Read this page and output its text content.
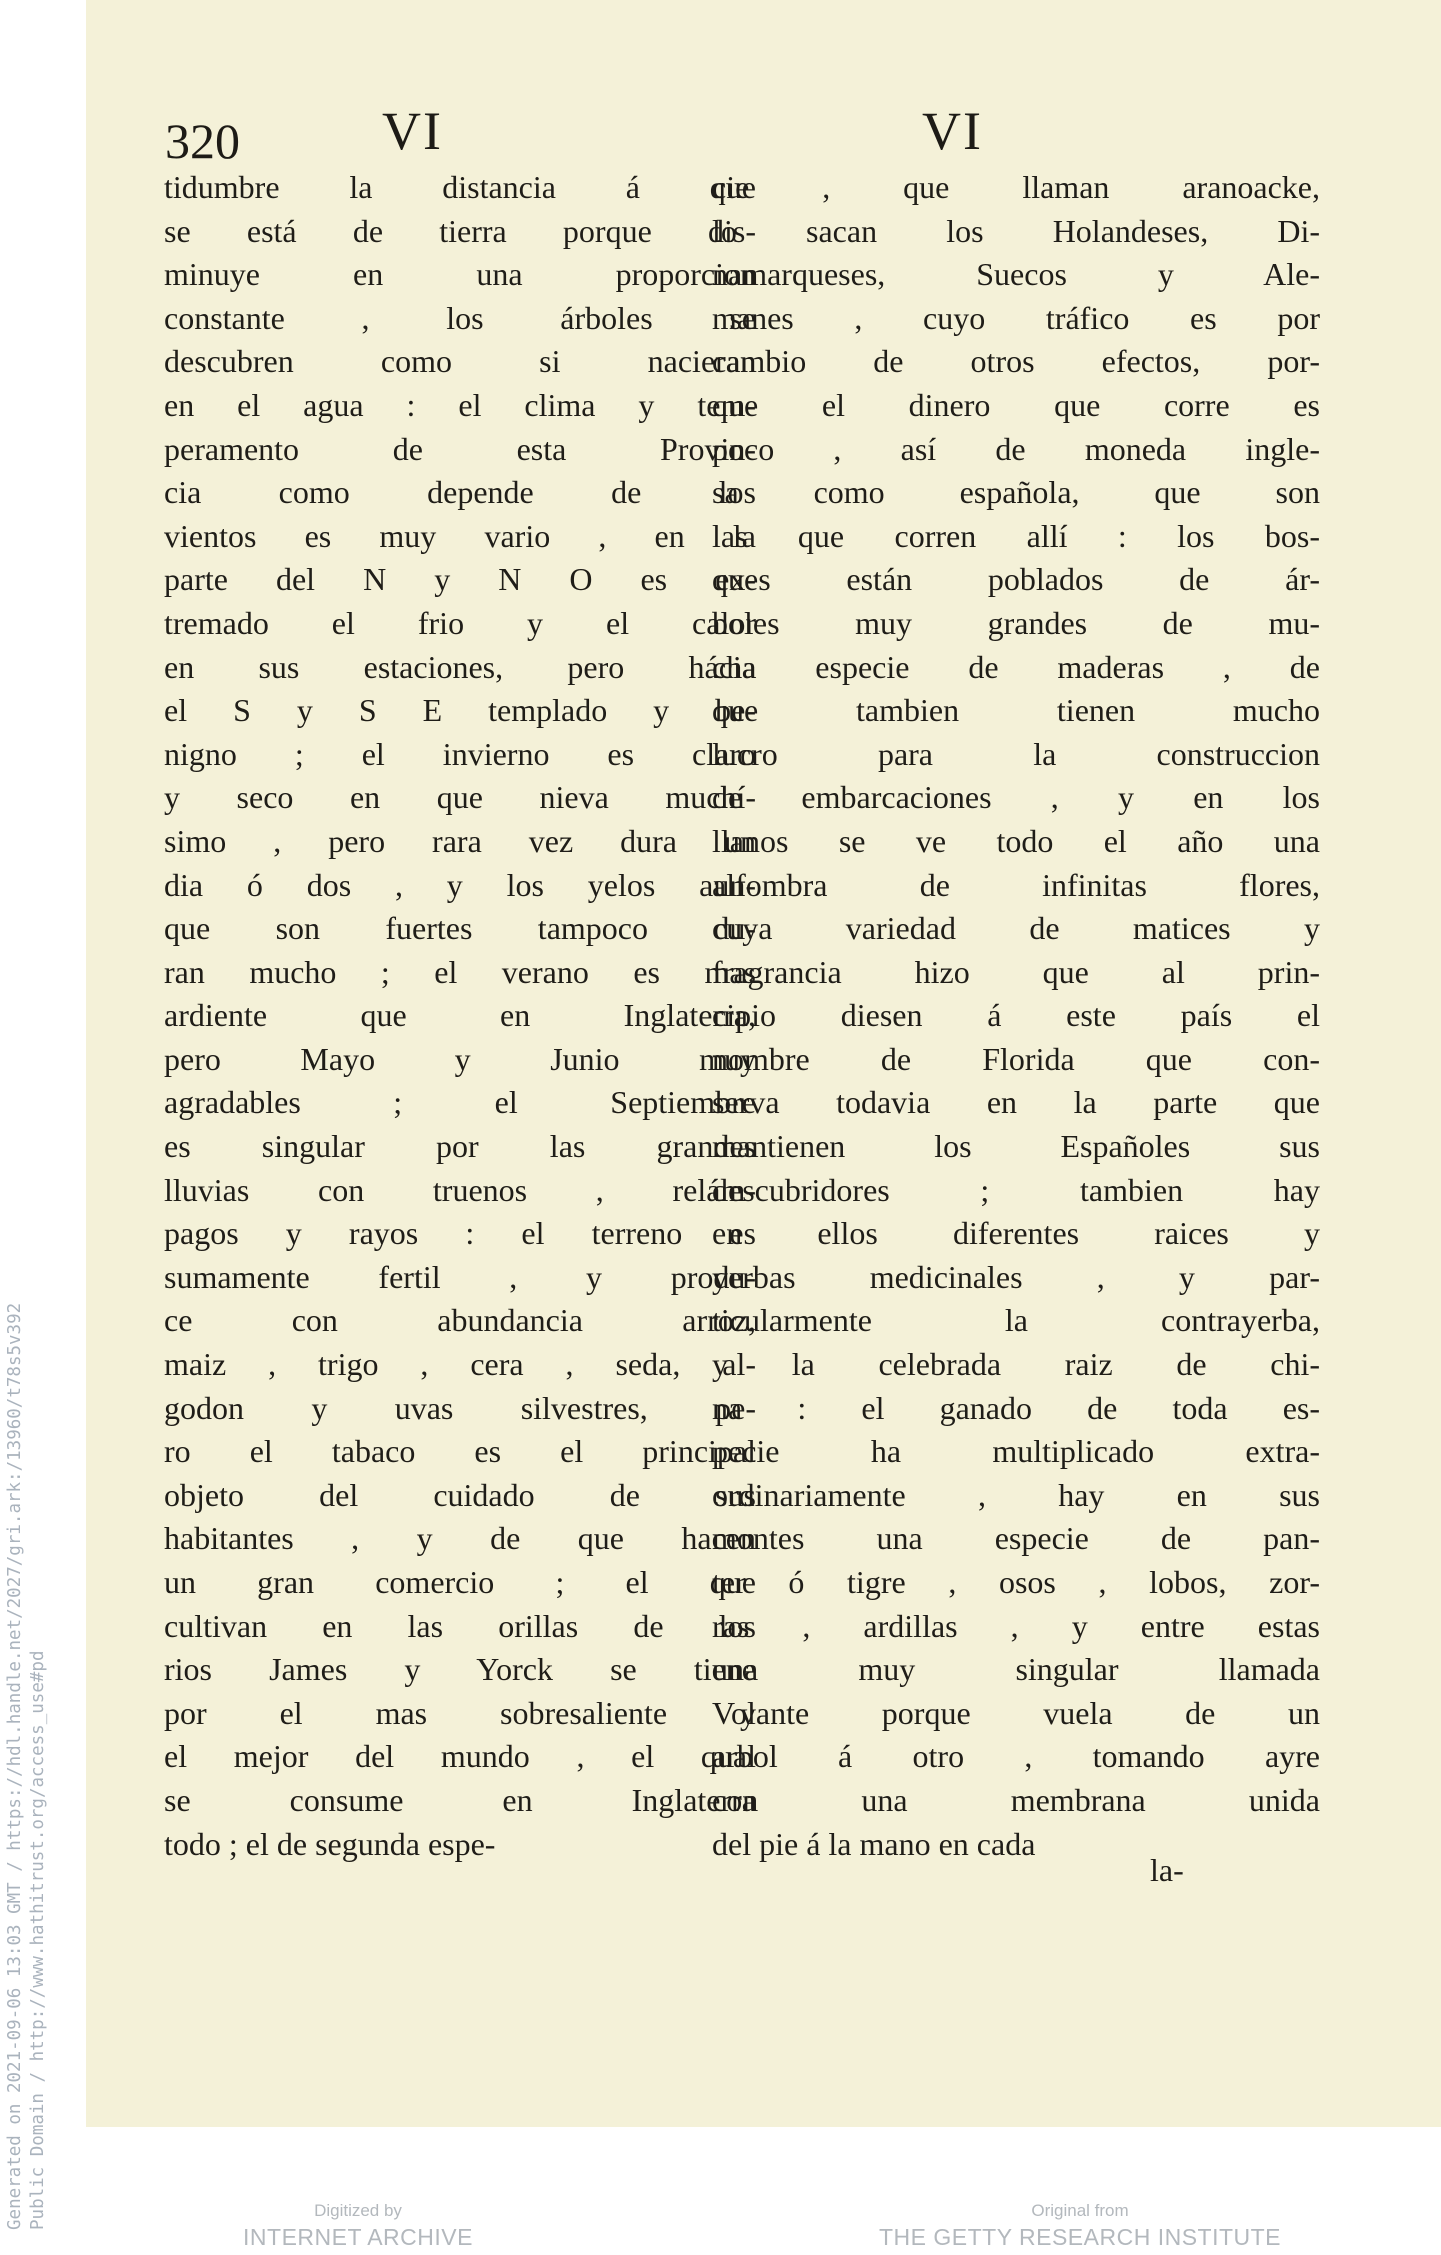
Generated on 2021-09-06 13:03 GMT / https://hdl.handle.net/2027/gri.ark:/13960/t78s5v392 Public Domain / http://www.hathitrust.org/access_use#pd
320	VI	VI
tidumbre la distancia á que
se está de tierra porque dis-
minuye en una proporcion
constante , los árboles se
descubren como si nacieran
en el agua : el clima y tem-
peramento de esta Provin-
cia como depende de los
vientos es muy vario , en la
parte del N y N O es ex-
tremado el frio y el calor
en sus estaciones, pero hácia
el S y S E templado y be-
nigno ; el invierno es claro
y seco en que nieva muchí-
simo , pero rara vez dura un
dia ó dos , y los yelos aun-
que son fuertes tampoco du-
ran mucho ; el verano es mas
ardiente que en Inglaterra,
pero Mayo y Junio muy
agradables ; el Septiembre
es singular por las grandes
lluvias con truenos , relám-
pagos y rayos : el terreno es
sumamente fertil , y produ-
ce con abundancia arroz,
maiz , trigo , cera , seda, al-
godon y uvas silvestres, pe-
ro el tabaco es el principal
objeto del cuidado de sus
habitantes , y de que hacen
un gran comercio ; el que
cultivan en las orillas de los
rios James y Yorck se tiene
por el mas sobresaliente y
el mejor del mundo , el qual
se consume en Inglaterra
todo ; el de segunda espe-
cie , que llaman aranoacke,
lo sacan los Holandeses, Di-
namarqueses, Suecos y Ale-
manes , cuyo tráfico es por
cambio de otros efectos, por-
que el dinero que corre es
poco , así de moneda ingle-
sa como española, que son
las que corren allí : los bos-
ques están poblados de ár-
boles muy grandes de mu-
cha especie de maderas , de
que tambien tienen mucho
lucro para la construccion
de embarcaciones , y en los
llanos se ve todo el año una
alfombra de infinitas flores,
cuya variedad de matices y
fragrancia hizo que al prin-
cipio diesen á este país el
nombre de Florida que con-
serva todavia en la parte que
mantienen los Españoles sus
descubridores ; tambien hay
en ellos diferentes raices y
yerbas medicinales , y par-
ticularmente la contrayerba,
y la celebrada raiz de chi-
na : el ganado de toda es-
pecie ha multiplicado extra-
ordinariamente , hay en sus
montes una especie de pan-
ter ó tigre , osos , lobos, zor-
ras , ardillas , y entre estas
una muy singular llamada
Volante porque vuela de un
arbol á otro , tomando ayre
con una membrana unida
del pie á la mano en cada
la-
Digitized by
INTERNET ARCHIVE
Original from
THE GETTY RESEARCH INSTITUTE
